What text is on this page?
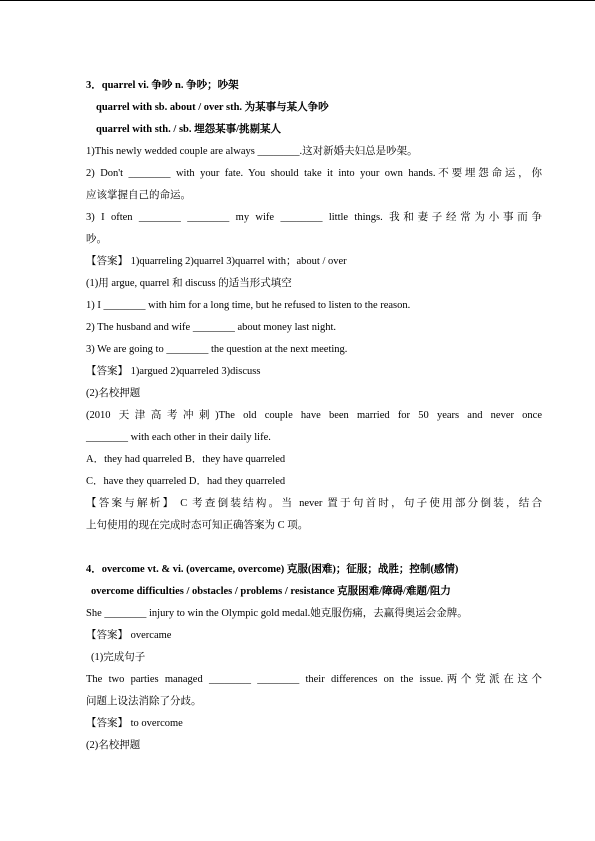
3．quarrel vi. 争吵 n. 争吵；吵架
quarrel with sb. about / over sth. 为某事与某人争吵
quarrel with sth. / sb. 埋怨某事/挑剔某人
1)This newly wedded couple are always ________.这对新婚夫妇总是吵架。
2) Don't ________ with your fate. You should take it into your own hands.不要埋怨命运，你
应该掌握自己的命运。
3) I often ________ ________ my wife ________ little things. 我和妻子经常为小事而争
吵。
【答案】 1)quarreling 2)quarrel 3)quarrel with；about / over
(1)用 argue, quarrel 和 discuss 的适当形式填空
1) I ________ with him for a long time, but he refused to listen to the reason.
2) The husband and wife ________ about money last night.
3) We are going to ________ the question at the next meeting.
【答案】 1)argued 2)quarreled 3)discuss
(2)名校押题
(2010 天津高考冲刺)The old couple have been married for 50 years and never once
________ with each other in their daily life.
A．they had quarreled B．they have quarreled
C．have they quarreled D．had they quarreled
【答案与解析】 C 考查倒装结构。当 never 置于句首时，句子使用部分倒装，结合
上句使用的现在完成时态可知正确答案为 C 项。
4．overcome vt. & vi. (overcame, overcome) 克服(困难)；征服；战胜；控制(感情)
overcome difficulties / obstacles / problems / resistance 克服困难/障碍/难题/阻力
She ________ injury to win the Olympic gold medal.她克服伤痛，去赢得奥运会金牌。
【答案】 overcame
(1)完成句子
The two parties managed ________ ________ their differences on the issue.两个党派在这个
问题上设法消除了分歧。
【答案】 to overcome
(2)名校押题
